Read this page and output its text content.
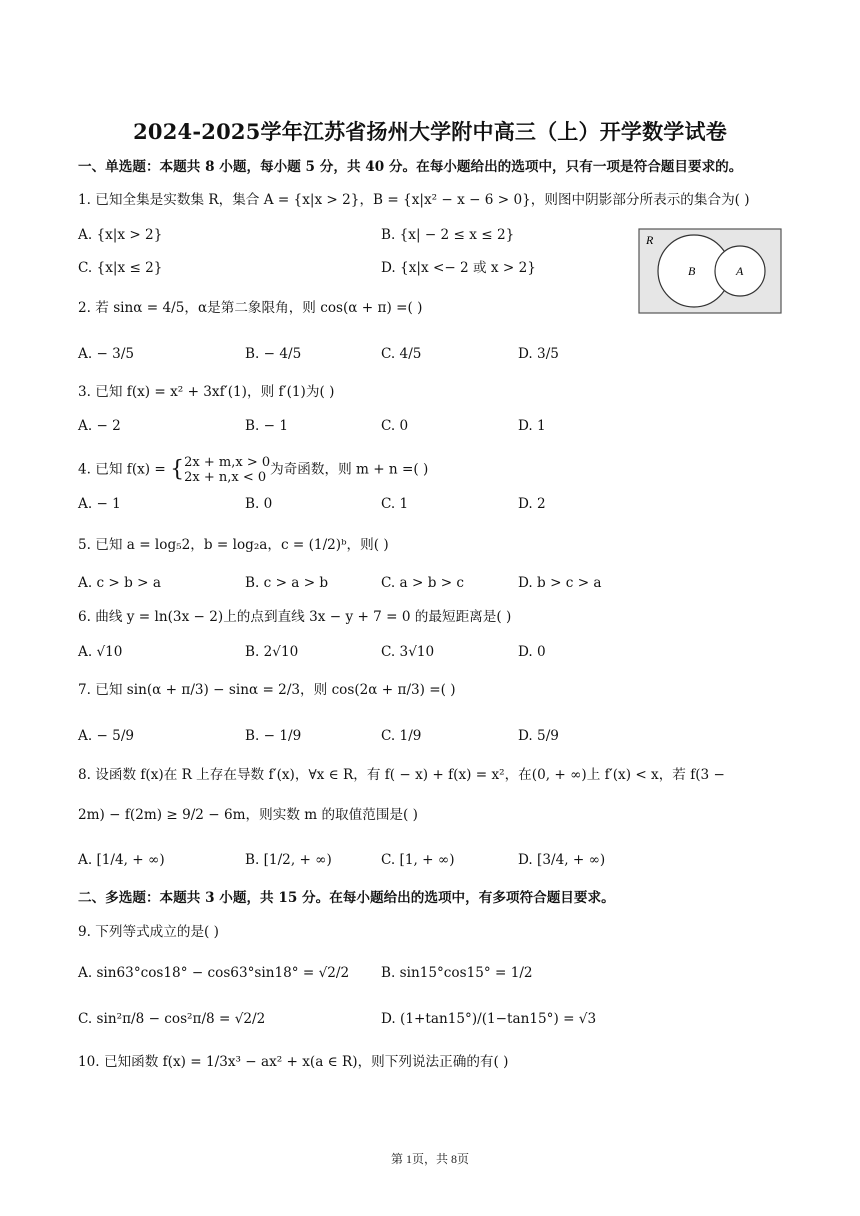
2024-2025学年江苏省扬州大学附中高三（上）开学数学试卷
一、单选题：本题共 8 小题，每小题 5 分，共 40 分。在每小题给出的选项中，只有一项是符合题目要求的。
1. 已知全集是实数集 R，集合 A = {x|x > 2}，B = {x|x² − x − 6 > 0}，则图中阴影部分所表示的集合为( )
A. {x|x > 2}	B. {x| − 2 ≤ x ≤ 2}
C. {x|x ≤ 2}	D. {x|x <− 2 或 x > 2}
R
B	A
2. 若 sinα = 4/5，α是第二象限角，则 cos(α + π) =( )
A. − 3/5	B. − 4/5	C. 4/5	D. 3/5
3. 已知 f(x) = x² + 3xf′(1)，则 f′(1)为( )
A. − 2	B. − 1	C. 0	D. 1
4. 已知 f(x) = { 2x + m,x > 0
2x + n,x < 0 为奇函数，则 m + n =( )
A. − 1	B. 0	C. 1	D. 2
5. 已知 a = log₅2，b = log₂a，c = (1/2)ᵇ，则( )
A. c > b > a	B. c > a > b	C. a > b > c	D. b > c > a
6. 曲线 y = ln(3x − 2)上的点到直线 3x − y + 7 = 0 的最短距离是( )
A. √10	B. 2√10	C. 3√10	D. 0
7. 已知 sin(α + π/3) − sinα = 2/3，则 cos(2α + π/3) =( )
A. − 5/9	B. − 1/9	C. 1/9	D. 5/9
8. 设函数 f(x)在 R 上存在导数 f′(x)，∀x ∈ R，有 f( − x) + f(x) = x²，在(0, + ∞)上 f′(x) < x，若 f(3 −
2m) − f(2m) ≥ 9/2 − 6m，则实数 m 的取值范围是( )
A. [1/4, + ∞)	B. [1/2, + ∞)	C. [1, + ∞)	D. [3/4, + ∞)
二、多选题：本题共 3 小题，共 15 分。在每小题给出的选项中，有多项符合题目要求。
9. 下列等式成立的是( )
A. sin63°cos18° − cos63°sin18° = √2/2 B. sin15°cos15° = 1/2
C. sin²π/8 − cos²π/8 = √2/2	D. (1+tan15°)/(1−tan15°) = √3
10. 已知函数 f(x) = 1/3x³ − ax² + x(a ∈ R)，则下列说法正确的有( )
第 1页，共 8页
